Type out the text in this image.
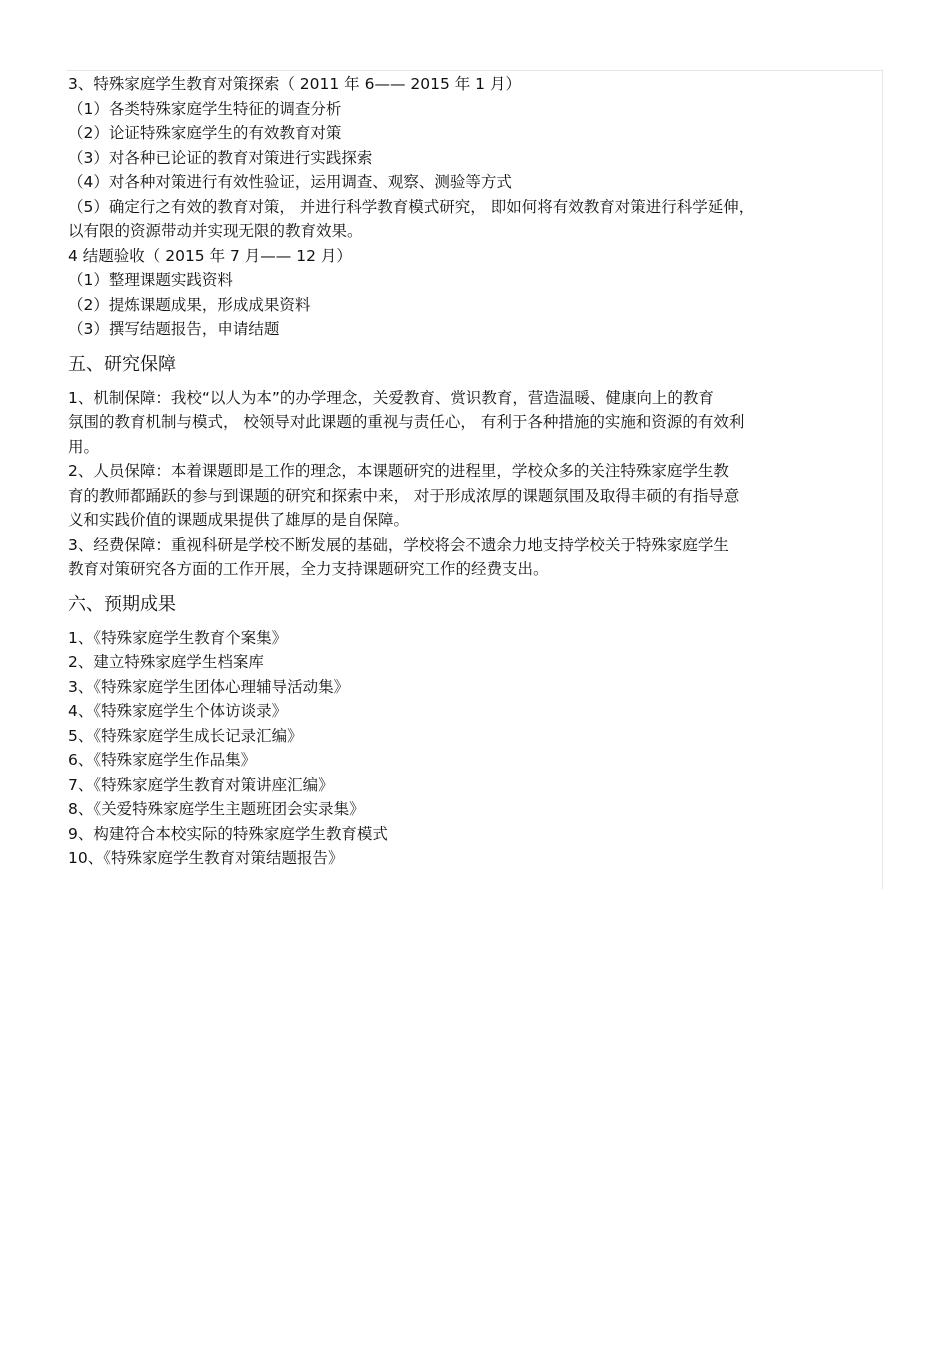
3、特殊家庭学生教育对策探索（ 2011 年 6—— 2015 年 1 月）
（1）各类特殊家庭学生特征的调查分析
（2）论证特殊家庭学生的有效教育对策
（3）对各种已论证的教育对策进行实践探索
（4）对各种对策进行有效性验证，运用调查、观察、测验等方式
（5）确定行之有效的教育对策， 并进行科学教育模式研究， 即如何将有效教育对策进行科学延伸，
以有限的资源带动并实现无限的教育效果。
4 结题验收（ 2015 年 7 月—— 12 月）
（1）整理课题实践资料
（2）提炼课题成果，形成成果资料
（3）撰写结题报告，申请结题
五、研究保障
1、机制保障：我校“以人为本”的办学理念，关爱教育、赏识教育，营造温暖、健康向上的教育
氛围的教育机制与模式， 校领导对此课题的重视与责任心， 有利于各种措施的实施和资源的有效利
用。
2、人员保障：本着课题即是工作的理念，本课题研究的进程里，学校众多的关注特殊家庭学生教
育的教师都踊跃的参与到课题的研究和探索中来， 对于形成浓厚的课题氛围及取得丰硕的有指导意
义和实践价值的课题成果提供了雄厚的是自保障。
3、经费保障：重视科研是学校不断发展的基础，学校将会不遗余力地支持学校关于特殊家庭学生
教育对策研究各方面的工作开展，全力支持课题研究工作的经费支出。
六、预期成果
1、《特殊家庭学生教育个案集》
2、建立特殊家庭学生档案库
3、《特殊家庭学生团体心理辅导活动集》
4、《特殊家庭学生个体访谈录》
5、《特殊家庭学生成长记录汇编》
6、《特殊家庭学生作品集》
7、《特殊家庭学生教育对策讲座汇编》
8、《关爱特殊家庭学生主题班团会实录集》
9、构建符合本校实际的特殊家庭学生教育模式
10、《特殊家庭学生教育对策结题报告》
